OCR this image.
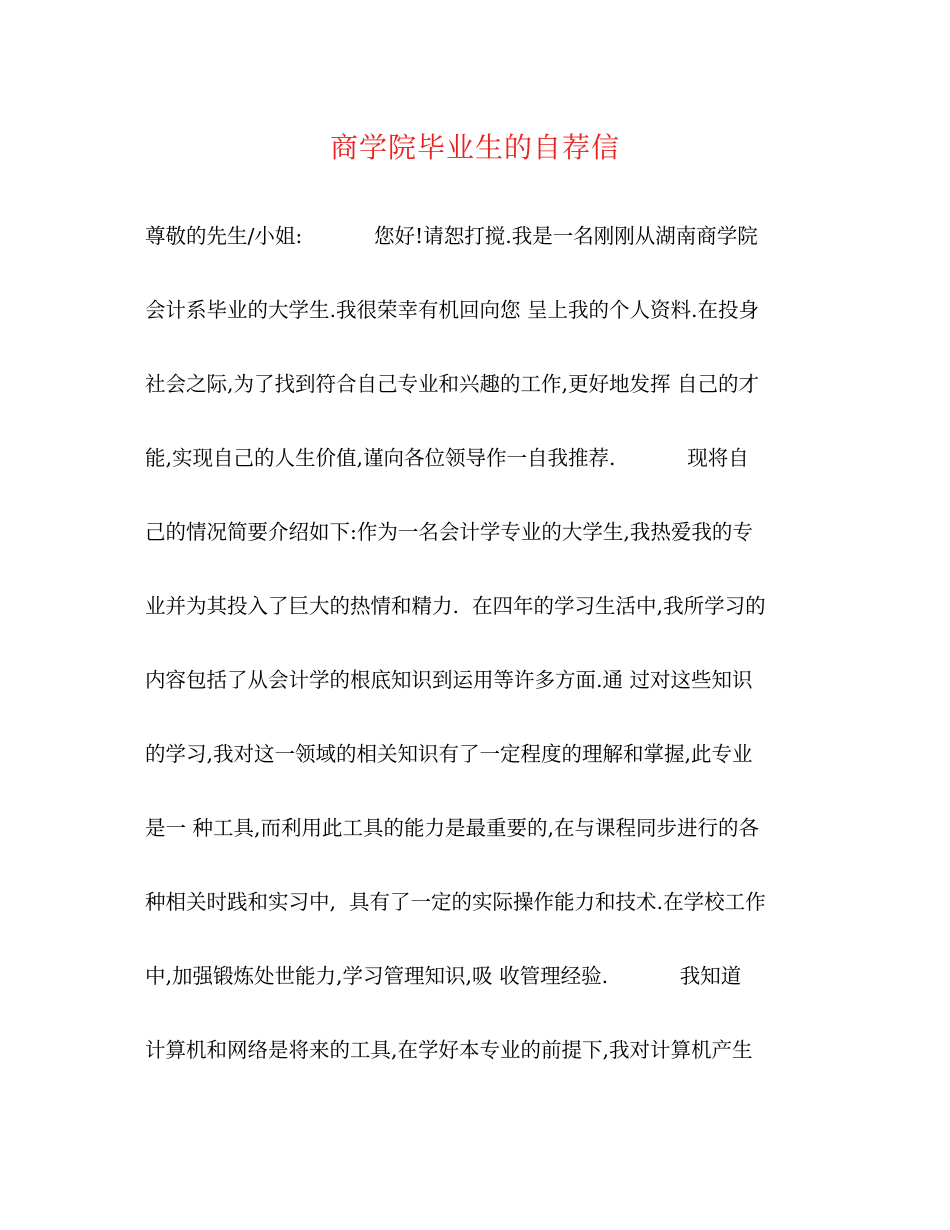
商学院毕业生的自荐信
尊敬的先生/小姐:           您好!请恕打搅.我是一名刚刚从湖南商学院
会计系毕业的大学生.我很荣幸有机回向您 呈上我的个人资料.在投身
社会之际,为了找到符合自己专业和兴趣的工作,更好地发挥 自己的才
能,实现自己的人生价值,谨向各位领导作一自我推荐.           现将自
己的情况简要介绍如下:作为一名会计学专业的大学生,我热爱我的专
业并为其投入了巨大的热情和精力.  在四年的学习生活中,我所学习的
内容包括了从会计学的根底知识到运用等许多方面.通 过对这些知识
的学习,我对这一领域的相关知识有了一定程度的理解和掌握,此专业
是一 种工具,而利用此工具的能力是最重要的,在与课程同步进行的各
种相关时践和实习中,  具有了一定的实际操作能力和技术.在学校工作
中,加强锻炼处世能力,学习管理知识,吸 收管理经验.           我知道
计算机和网络是将来的工具,在学好本专业的前提下,我对计算机产生
